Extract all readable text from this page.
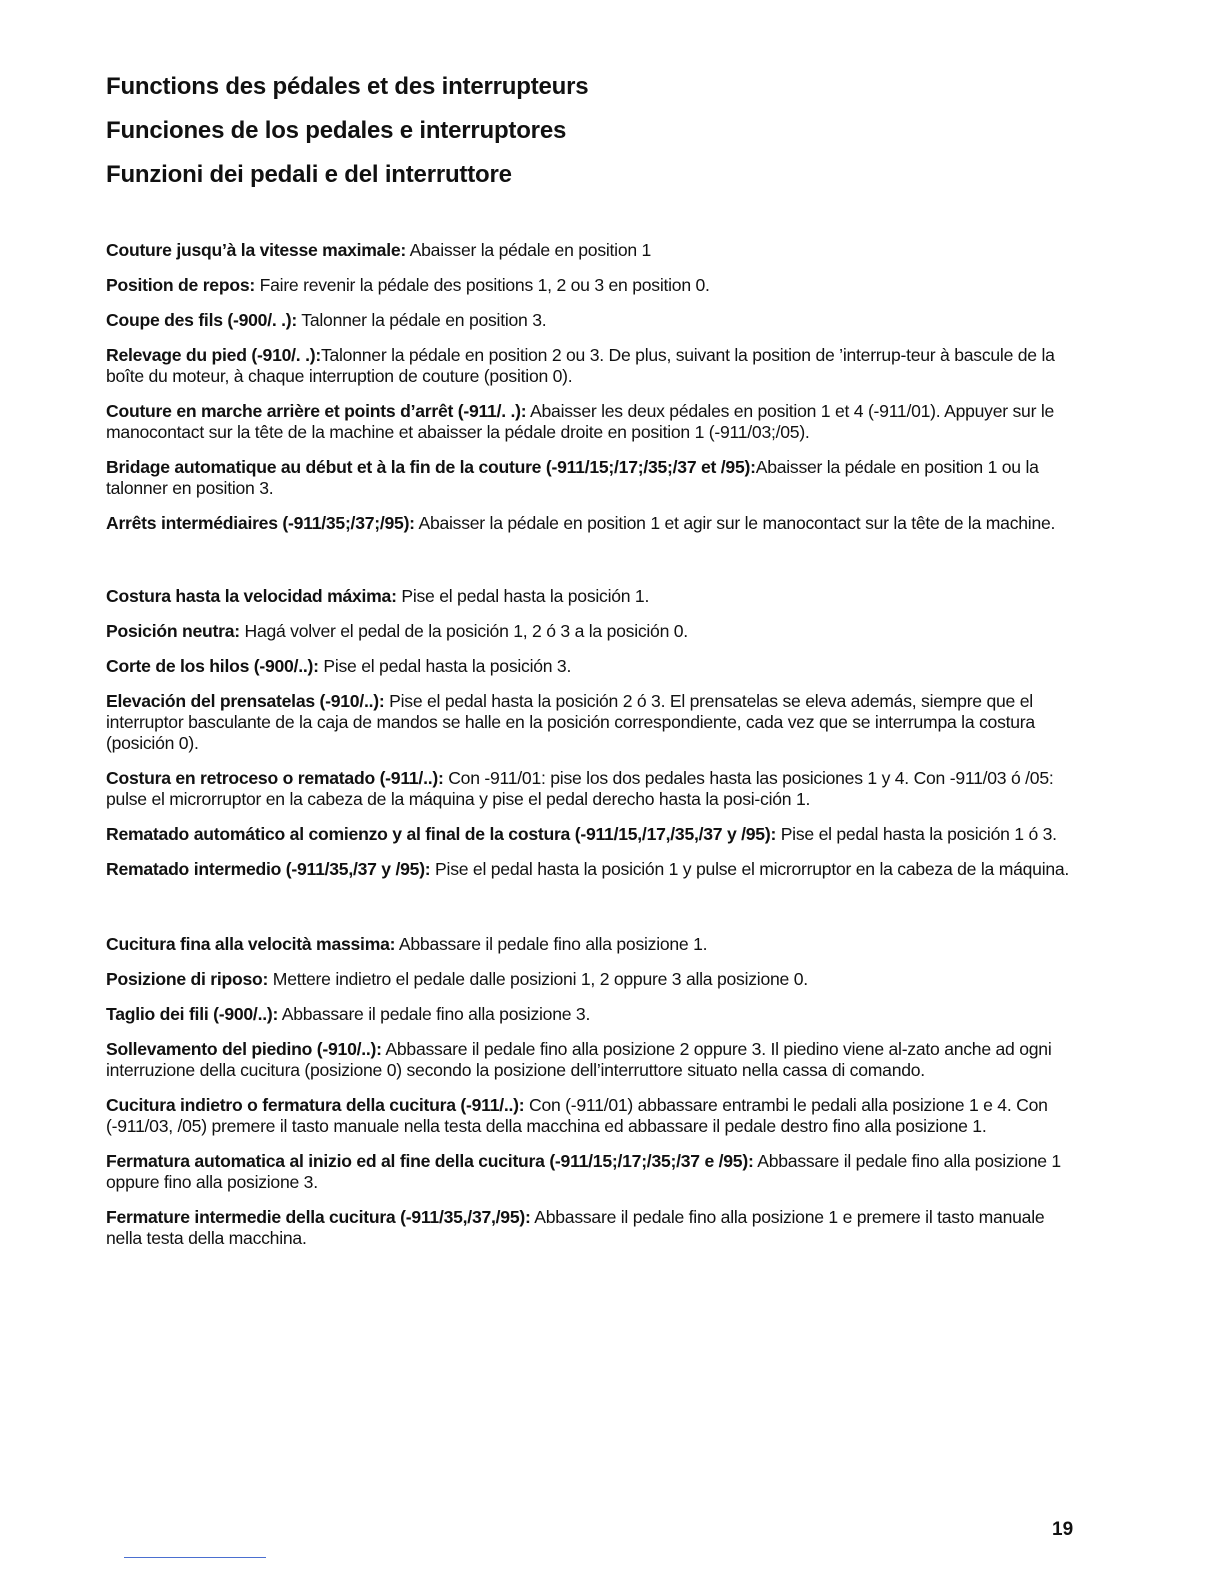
Functions des pédales et des interrupteurs
Funciones de los pedales e interruptores
Funzioni dei pedali e del interruttore

Couture jusqu’à la vitesse maximale: Abaisser la pédale en position 1

Position de repos: Faire revenir la pédale des positions 1, 2 ou 3 en position 0.

Coupe des fils (-900/. .): Talonner la pédale en position 3.

Relevage du pied (-910/. .):Talonner la pédale en position 2 ou 3. De plus, suivant la position de ’interrup-teur à bascule de la boîte du moteur, à chaque interruption de couture (position 0).

Couture en marche arrière et points d’arrêt (-911/. .): Abaisser les deux pédales en position 1 et 4 (-911/01). Appuyer sur le manocontact sur la tête de la machine et abaisser la pédale droite en position 1 (-911/03;/05).

Bridage automatique au début et à la fin de la couture (-911/15;/17;/35;/37 et /95):Abaisser la pédale en position 1 ou la talonner en position 3.

Arrêts intermédiaires (-911/35;/37;/95): Abaisser la pédale en position 1 et agir sur le manocontact sur la tête de la machine.

Costura hasta la velocidad máxima: Pise el pedal hasta la posición 1.

Posición neutra: Hagá volver el pedal de la posición 1, 2 ó 3 a la posición 0.

Corte de los hilos (-900/..): Pise el pedal hasta la posición 3.

Elevación del prensatelas (-910/..): Pise el pedal hasta la posición 2 ó 3. El prensatelas se eleva además, siempre que el interruptor basculante de la caja de mandos se halle en la posición correspondiente, cada vez que se interrumpa la costura (posición 0).

Costura en retroceso o rematado (-911/..): Con -911/01: pise los dos pedales hasta las posiciones 1 y 4. Con -911/03 ó /05: pulse el microrruptor en la cabeza de la máquina y pise el pedal derecho hasta la posi-ción 1.

Rematado automático al comienzo y al final de la costura (-911/15,/17,/35,/37 y /95): Pise el pedal hasta la posición 1 ó 3.

Rematado intermedio (-911/35,/37 y /95): Pise el pedal hasta la posición 1 y pulse el microrruptor en la cabeza de la máquina.

Cucitura fina alla velocità massima: Abbassare il pedale fino alla posizione 1.

Posizione di riposo: Mettere indietro el pedale dalle posizioni 1, 2 oppure 3 alla posizione 0.

Taglio dei fili (-900/..): Abbassare il pedale fino alla posizione 3.

Sollevamento del piedino (-910/..): Abbassare il pedale fino alla posizione 2 oppure 3. Il piedino viene al-zato anche ad ogni interruzione della cucitura (posizione 0) secondo la posizione dell’interruttore situato nella cassa di comando.

Cucitura indietro o fermatura della cucitura (-911/..): Con (-911/01) abbassare entrambi le pedali alla posizione 1 e 4. Con (-911/03, /05) premere il tasto manuale nella testa della macchina ed abbassare il pedale destro fino alla posizione 1.

Fermatura automatica al inizio ed al fine della cucitura (-911/15;/17;/35;/37 e /95): Abbassare il pedale fino alla posizione 1 oppure fino alla posizione 3.

Fermature intermedie della cucitura (-911/35,/37,/95): Abbassare il pedale fino alla posizione 1 e premere il tasto manuale nella testa della macchina.

19
